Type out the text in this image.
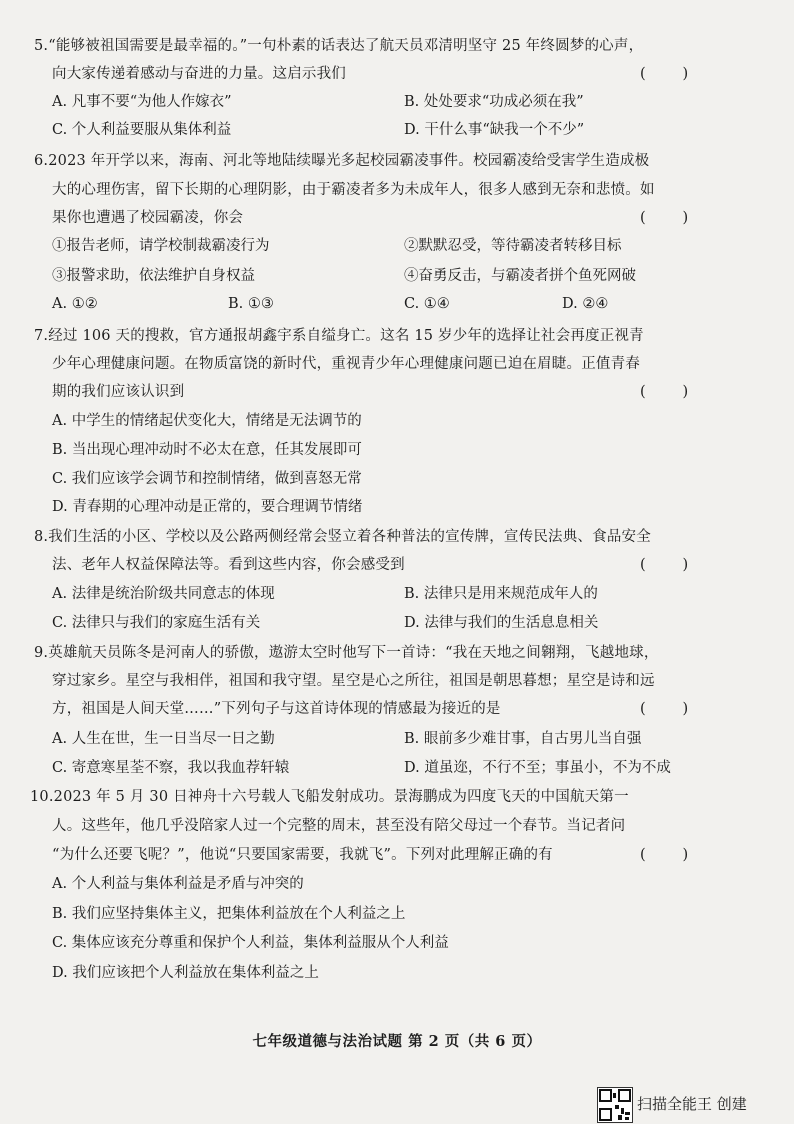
5.“能够被祖国需要是最幸福的。”一句朴素的话表达了航天员邓清明坚守 25 年终圆梦的心声，
向大家传递着感动与奋进的力量。这启示我们	(        )
A. 凡事不要“为他人作嫁衣”	B. 处处要求“功成必须在我”
C. 个人利益要服从集体利益	D. 干什么事“缺我一个不少”
6.2023 年开学以来，海南、河北等地陆续曝光多起校园霸凌事件。校园霸凌给受害学生造成极
大的心理伤害，留下长期的心理阴影，由于霸凌者多为未成年人，很多人感到无奈和悲愤。如
果你也遭遇了校园霸凌，你会	(        )
①报告老师，请学校制裁霸凌行为	②默默忍受，等待霸凌者转移目标
③报警求助，依法维护自身权益	④奋勇反击，与霸凌者拼个鱼死网破
A. ①②	B. ①③	C. ①④	D. ②④
7.经过 106 天的搜救，官方通报胡鑫宇系自缢身亡。这名 15 岁少年的选择让社会再度正视青
少年心理健康问题。在物质富饶的新时代，重视青少年心理健康问题已迫在眉睫。正值青春
期的我们应该认识到	(        )
A. 中学生的情绪起伏变化大，情绪是无法调节的
B. 当出现心理冲动时不必太在意，任其发展即可
C. 我们应该学会调节和控制情绪，做到喜怒无常
D. 青春期的心理冲动是正常的，要合理调节情绪
8.我们生活的小区、学校以及公路两侧经常会竖立着各种普法的宣传牌，宣传民法典、食品安全
法、老年人权益保障法等。看到这些内容，你会感受到	(        )
A. 法律是统治阶级共同意志的体现	B. 法律只是用来规范成年人的
C. 法律只与我们的家庭生活有关	D. 法律与我们的生活息息相关
9.英雄航天员陈冬是河南人的骄傲，遨游太空时他写下一首诗：“我在天地之间翱翔，飞越地球，
穿过家乡。星空与我相伴，祖国和我守望。星空是心之所往，祖国是朝思暮想；星空是诗和远
方，祖国是人间天堂……”下列句子与这首诗体现的情感最为接近的是	(        )
A. 人生在世，生一日当尽一日之勤	B. 眼前多少难甘事，自古男儿当自强
C. 寄意寒星荃不察，我以我血荐轩辕	D. 道虽迩，不行不至；事虽小，不为不成
10.2023 年 5 月 30 日神舟十六号载人飞船发射成功。景海鹏成为四度飞天的中国航天第一
人。这些年，他几乎没陪家人过一个完整的周末，甚至没有陪父母过一个春节。当记者问
“为什么还要飞呢？”，他说“只要国家需要，我就飞”。下列对此理解正确的有	(        )
A. 个人利益与集体利益是矛盾与冲突的
B. 我们应坚持集体主义，把集体利益放在个人利益之上
C. 集体应该充分尊重和保护个人利益，集体利益服从个人利益
D. 我们应该把个人利益放在集体利益之上
七年级道德与法治试题 第 2 页（共 6 页）
扫描全能王 创建
